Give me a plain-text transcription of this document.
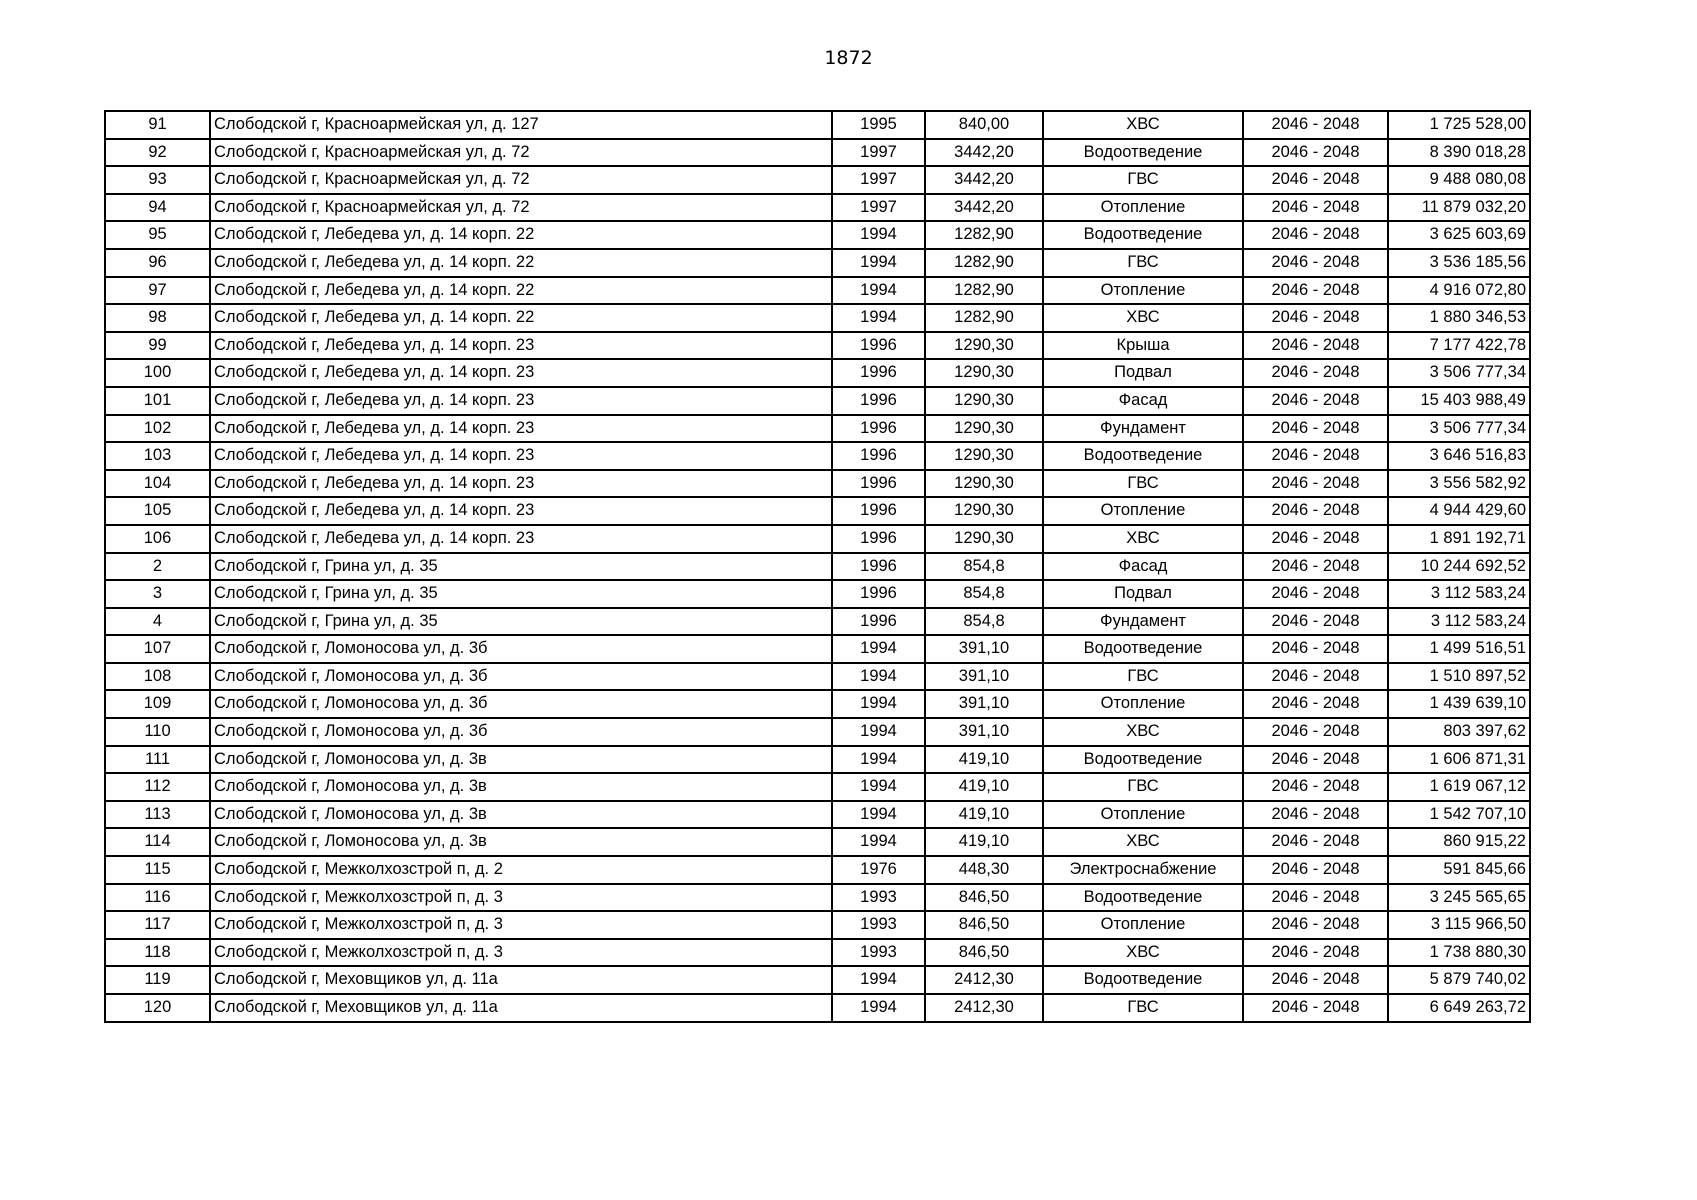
1872
91	Слободской г, Красноармейская ул, д. 127	1995	840,00	ХВС	2046 - 2048	1 725 528,00
92	Слободской г, Красноармейская ул, д. 72	1997	3442,20	Водоотведение	2046 - 2048	8 390 018,28
93	Слободской г, Красноармейская ул, д. 72	1997	3442,20	ГВС	2046 - 2048	9 488 080,08
94	Слободской г, Красноармейская ул, д. 72	1997	3442,20	Отопление	2046 - 2048	11 879 032,20
95	Слободской г, Лебедева ул, д. 14 корп. 22	1994	1282,90	Водоотведение	2046 - 2048	3 625 603,69
96	Слободской г, Лебедева ул, д. 14 корп. 22	1994	1282,90	ГВС	2046 - 2048	3 536 185,56
97	Слободской г, Лебедева ул, д. 14 корп. 22	1994	1282,90	Отопление	2046 - 2048	4 916 072,80
98	Слободской г, Лебедева ул, д. 14 корп. 22	1994	1282,90	ХВС	2046 - 2048	1 880 346,53
99	Слободской г, Лебедева ул, д. 14 корп. 23	1996	1290,30	Крыша	2046 - 2048	7 177 422,78
100	Слободской г, Лебедева ул, д. 14 корп. 23	1996	1290,30	Подвал	2046 - 2048	3 506 777,34
101	Слободской г, Лебедева ул, д. 14 корп. 23	1996	1290,30	Фасад	2046 - 2048	15 403 988,49
102	Слободской г, Лебедева ул, д. 14 корп. 23	1996	1290,30	Фундамент	2046 - 2048	3 506 777,34
103	Слободской г, Лебедева ул, д. 14 корп. 23	1996	1290,30	Водоотведение	2046 - 2048	3 646 516,83
104	Слободской г, Лебедева ул, д. 14 корп. 23	1996	1290,30	ГВС	2046 - 2048	3 556 582,92
105	Слободской г, Лебедева ул, д. 14 корп. 23	1996	1290,30	Отопление	2046 - 2048	4 944 429,60
106	Слободской г, Лебедева ул, д. 14 корп. 23	1996	1290,30	ХВС	2046 - 2048	1 891 192,71
2	Слободской г, Грина ул, д. 35	1996	854,8	Фасад	2046 - 2048	10 244 692,52
3	Слободской г, Грина ул, д. 35	1996	854,8	Подвал	2046 - 2048	3 112 583,24
4	Слободской г, Грина ул, д. 35	1996	854,8	Фундамент	2046 - 2048	3 112 583,24
107	Слободской г, Ломоносова ул, д. 3б	1994	391,10	Водоотведение	2046 - 2048	1 499 516,51
108	Слободской г, Ломоносова ул, д. 3б	1994	391,10	ГВС	2046 - 2048	1 510 897,52
109	Слободской г, Ломоносова ул, д. 3б	1994	391,10	Отопление	2046 - 2048	1 439 639,10
110	Слободской г, Ломоносова ул, д. 3б	1994	391,10	ХВС	2046 - 2048	803 397,62
111	Слободской г, Ломоносова ул, д. 3в	1994	419,10	Водоотведение	2046 - 2048	1 606 871,31
112	Слободской г, Ломоносова ул, д. 3в	1994	419,10	ГВС	2046 - 2048	1 619 067,12
113	Слободской г, Ломоносова ул, д. 3в	1994	419,10	Отопление	2046 - 2048	1 542 707,10
114	Слободской г, Ломоносова ул, д. 3в	1994	419,10	ХВС	2046 - 2048	860 915,22
115	Слободской г, Межколхозстрой п, д. 2	1976	448,30	Электроснабжение	2046 - 2048	591 845,66
116	Слободской г, Межколхозстрой п, д. 3	1993	846,50	Водоотведение	2046 - 2048	3 245 565,65
117	Слободской г, Межколхозстрой п, д. 3	1993	846,50	Отопление	2046 - 2048	3 115 966,50
118	Слободской г, Межколхозстрой п, д. 3	1993	846,50	ХВС	2046 - 2048	1 738 880,30
119	Слободской г, Меховщиков ул, д. 11а	1994	2412,30	Водоотведение	2046 - 2048	5 879 740,02
120	Слободской г, Меховщиков ул, д. 11а	1994	2412,30	ГВС	2046 - 2048	6 649 263,72
